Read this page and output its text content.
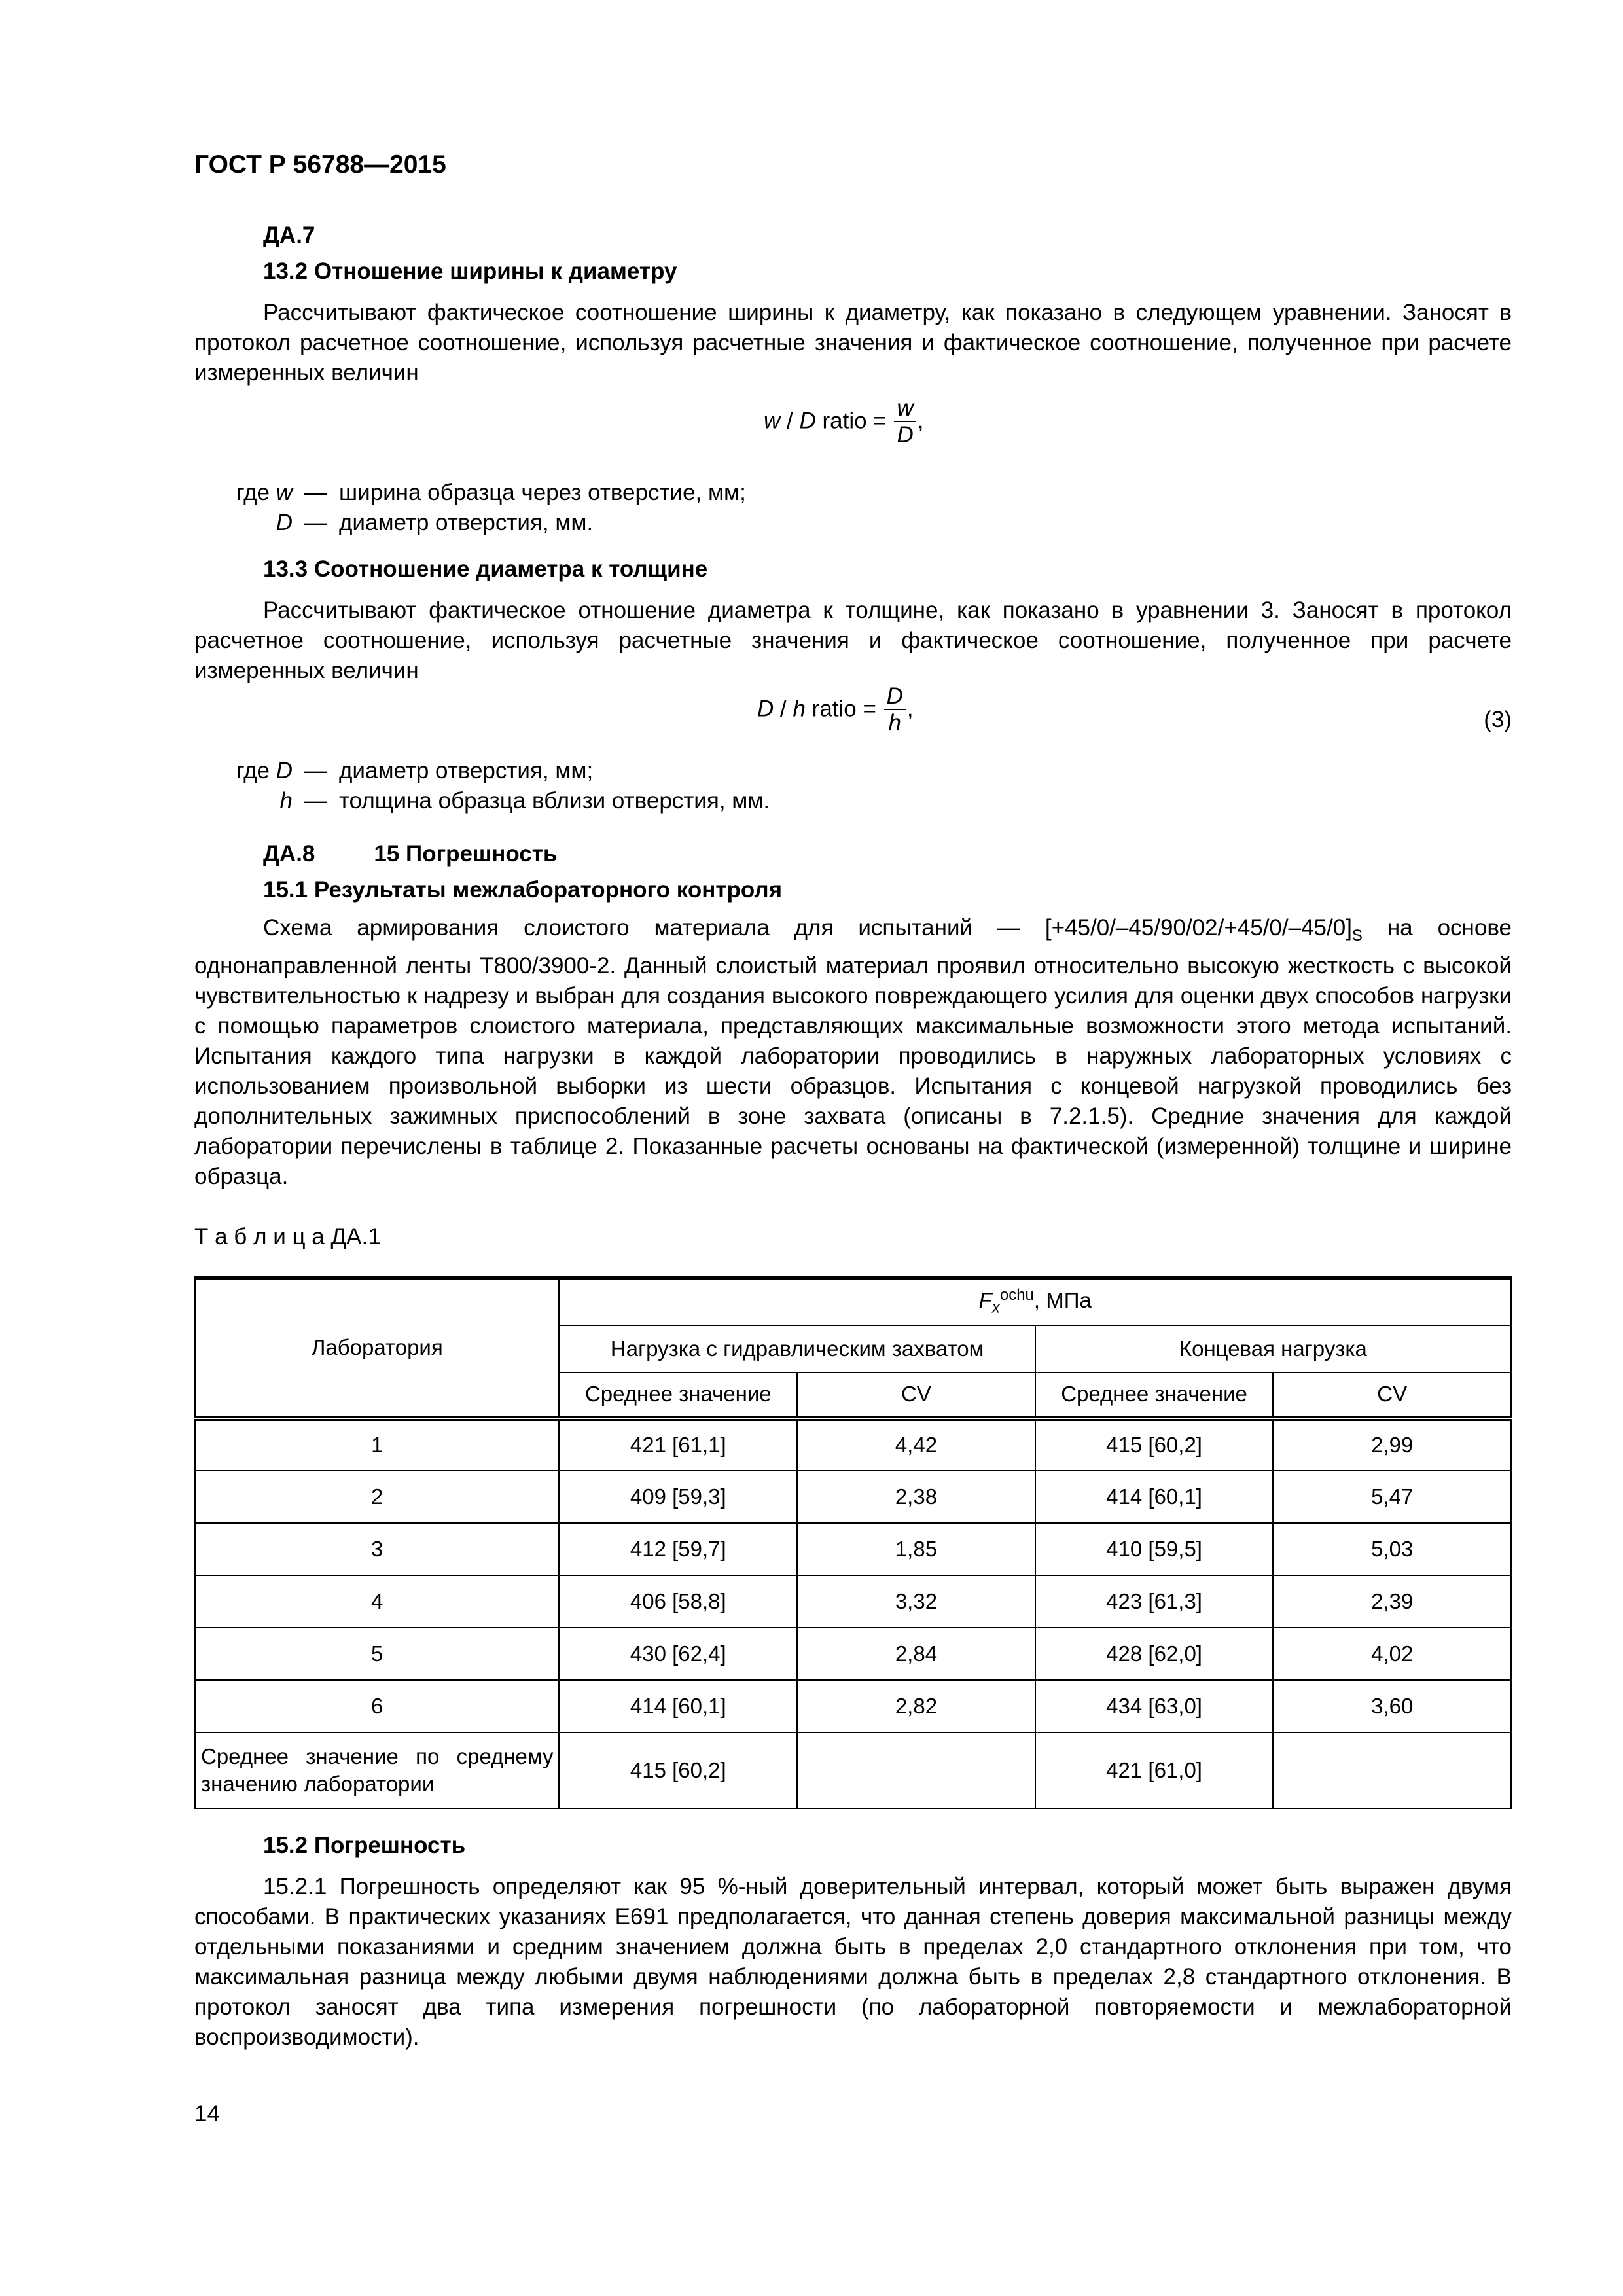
ГОСТ Р 56788—2015
ДА.7
13.2 Отношение ширины к диаметру

Рассчитывают фактическое соотношение ширины к диаметру, как показано в следующем уравнении. Заносят в протокол расчетное соотношение, используя расчетные значения и фактическое соотношение, полученное при расчете измеренных величин

w / D ratio = $\frac{w}{D}$ ,
где w — ширина образца через отверстие, мм;
D — диаметр отверстия, мм.
13.3 Соотношение диаметра к толщине

Рассчитывают фактическое отношение диаметра к толщине, как показано в уравнении 3. Заносят в протокол расчетное соотношение, используя расчетные значения и фактическое соотношение, полученное при расчете измеренных величин

D / h ratio = $\frac{D}{h}$ ,	(3)
где D — диаметр отверстия, мм;
h — толщина образца вблизи отверстия, мм.
ДА.8	15 Погрешность
15.1 Результаты межлабораторного контроля

Схема армирования слоистого материала для испытаний — $[+45/0/-45/90/02/+45/0/-45/0]_S$ на основе однонаправленной ленты T800/3900-2. Данный слоистый материал проявил относительно высокую жесткость с высокой чувствительностью к надрезу и выбран для создания высокого повреждающего усилия для оценки двух способов нагрузки с помощью параметров слоистого материала, представляющих максимальные возможности этого метода испытаний. Испытания каждого типа нагрузки в каждой лаборатории проводились в наружных лабораторных условиях с использованием произвольной выборки из шести образцов. Испытания с концевой нагрузкой проводились без дополнительных зажимных приспособлений в зоне захвата (описаны в 7.2.1.5). Средние значения для каждой лаборатории перечислены в таблице 2. Показанные расчеты основаны на фактической (измеренной) толщине и ширине образца.

Т а б л и ц а ДА.1
Лаборатория	$F_x^{ochu}$, МПа			
	Нагрузка с гидравлическим захватом		Концевая нагрузка	
	Среднее значение	CV	Среднее значение	CV
1	421 [61,1]	4,42	415 [60,2]	2,99
2	409 [59,3]	2,38	414 [60,1]	5,47
3	412 [59,7]	1,85	410 [59,5]	5,03
4	406 [58,8]	3,32	423 [61,3]	2,39
5	430 [62,4]	2,84	428 [62,0]	4,02
6	414 [60,1]	2,82	434 [63,0]	3,60
Среднее значение по среднему значению лаборатории	415 [60,2]		421 [61,0]	
15.2 Погрешность

15.2.1 Погрешность определяют как 95 %-ный доверительный интервал, который может быть выражен двумя способами. В практических указаниях E691 предполагается, что данная степень доверия максимальной разницы между отдельными показаниями и средним значением должна быть в пределах 2,0 стандартного отклонения при том, что максимальная разница между любыми двумя наблюдениями должна быть в пределах 2,8 стандартного отклонения. В протокол заносят два типа измерения погрешности (по лабораторной повторяемости и межлабораторной воспроизводимости).

14
